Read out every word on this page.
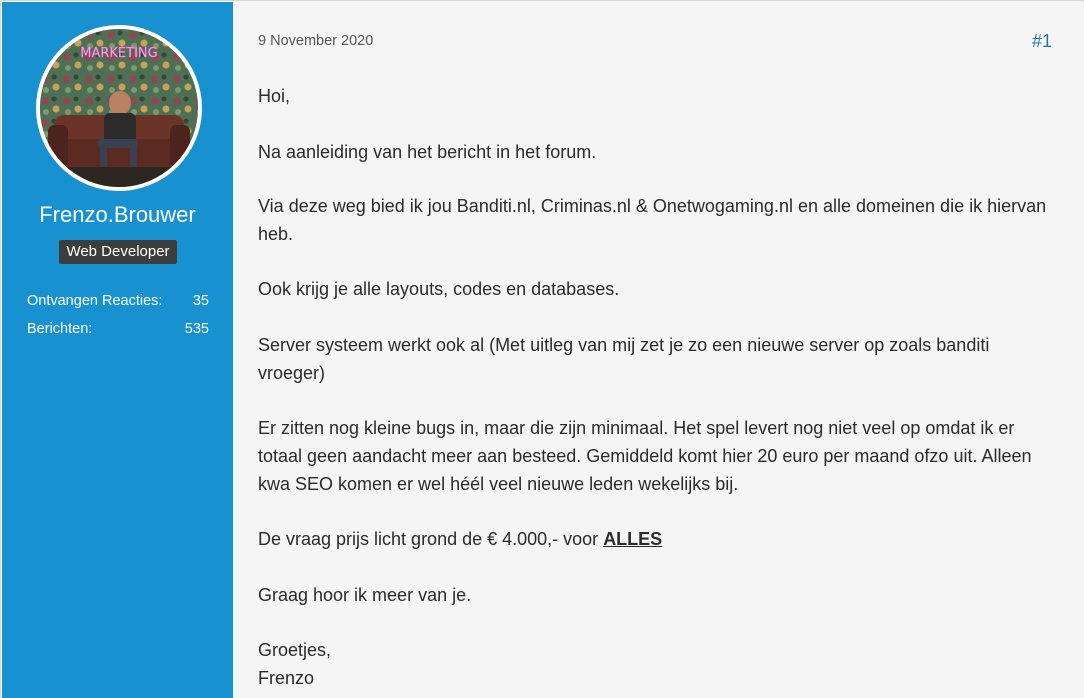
MARKETING
Frenzo.Brouwer
Web Developer
Ontvangen Reacties: 35
Berichten:	535
9 November 2020	#1

Hoi,

Na aanleiding van het bericht in het forum.

Via deze weg bied ik jou Banditi.nl, Criminas.nl & Onetwogaming.nl en alle domeinen die ik hiervan heb.

Ook krijg je alle layouts, codes en databases.

Server systeem werkt ook al (Met uitleg van mij zet je zo een nieuwe server op zoals banditi vroeger)

Er zitten nog kleine bugs in, maar die zijn minimaal. Het spel levert nog niet veel op omdat ik er totaal geen aandacht meer aan besteed. Gemiddeld komt hier 20 euro per maand ofzo uit. Alleen kwa SEO komen er wel héél veel nieuwe leden wekelijks bij.

De vraag prijs licht grond de € 4.000,- voor ALLES

Graag hoor ik meer van je.

Groetjes,

Frenzo
